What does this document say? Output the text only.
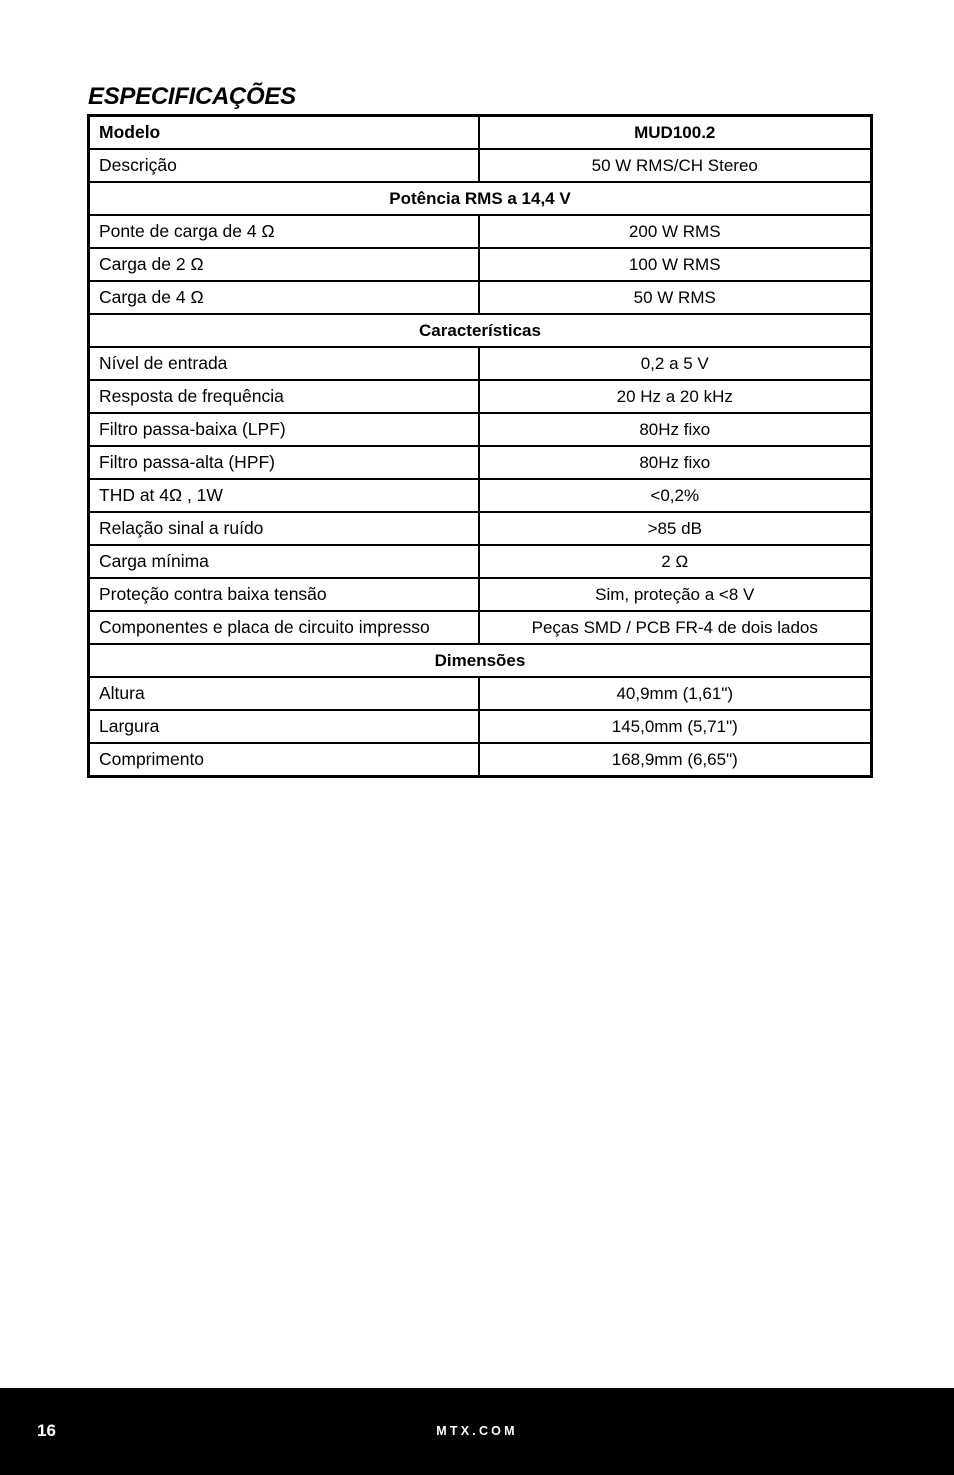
ESPECIFICAÇÕES
Modelo	MUD100.2
Descrição	50 W RMS/CH Stereo
Potência RMS a 14,4 V	
Ponte de carga de 4 Ω	200 W RMS
Carga de 2 Ω	100 W RMS
Carga de 4 Ω	50 W RMS
Características	
Nível de entrada	0,2 a 5 V
Resposta de frequência	20 Hz a 20 kHz
Filtro passa-baixa (LPF)	80Hz fixo
Filtro passa-alta (HPF)	80Hz fixo
THD at 4Ω , 1W	<0,2%
Relação sinal a ruído	>85 dB
Carga mínima	2 Ω
Proteção contra baixa tensão	Sim, proteção a <8 V
Componentes e placa de circuito impresso	Peças SMD / PCB FR-4 de dois lados
Dimensões	
Altura	40,9mm (1,61")
Largura	145,0mm (5,71")
Comprimento	168,9mm (6,65")
16	MTX.COM
